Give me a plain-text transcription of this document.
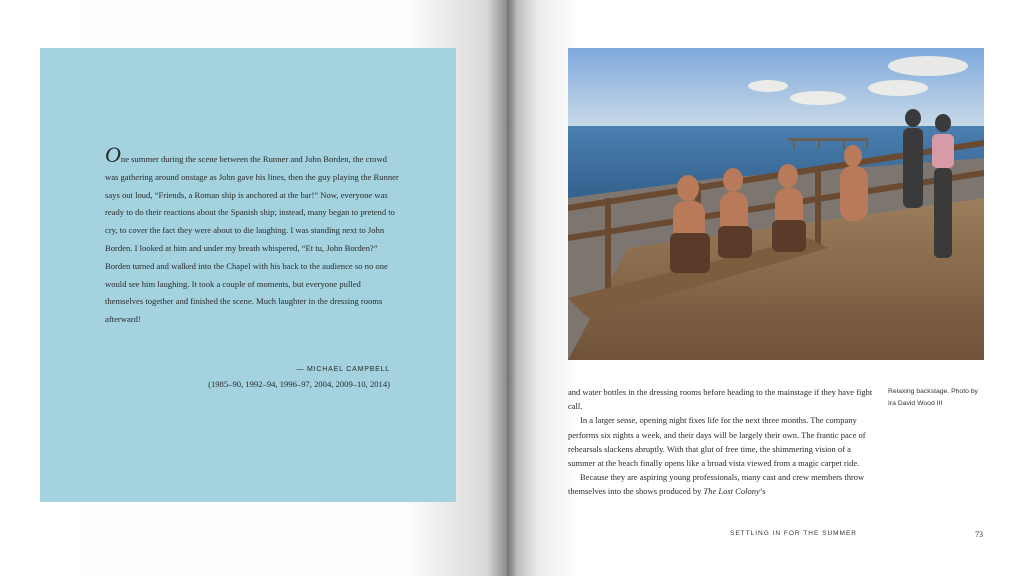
One summer during the scene between the Runner and John Borden, the crowd was gathering around onstage as John gave his lines, then the guy playing the Runner says out loud, “Friends, a Roman ship is anchored at the bar!” Now, everyone was ready to do their reactions about the Spanish ship; instead, many began to pretend to cry, to cover the fact they were about to die laughing. I was standing next to John Borden. I looked at him and under my breath whispered, “Et tu, John Borden?” Borden turned and walked into the Chapel with his back to the audience so no one would see him laughing. It took a couple of moments, but everyone pulled themselves together and finished the scene. Much laughter in the dressing rooms afterward!

— MICHAEL CAMPBELL
(1985–90, 1992–94, 1996–97, 2004, 2009–10, 2014)

and water bottles in the dressing rooms before heading to the mainstage if they have fight call.

In a larger sense, opening night fixes life for the next three months. The company performs six nights a week, and their days will be largely their own. The frantic pace of rehearsals slackens abruptly. With that glut of free time, the shimmering vision of a summer at the beach finally opens like a broad vista viewed from a magic carpet ride.

Because they are aspiring young professionals, many cast and crew members throw themselves into the shows produced by The Lost Colony’s

Relaxing backstage. Photo by Ira David Wood III
SETTLING IN FOR THE SUMMER	73
